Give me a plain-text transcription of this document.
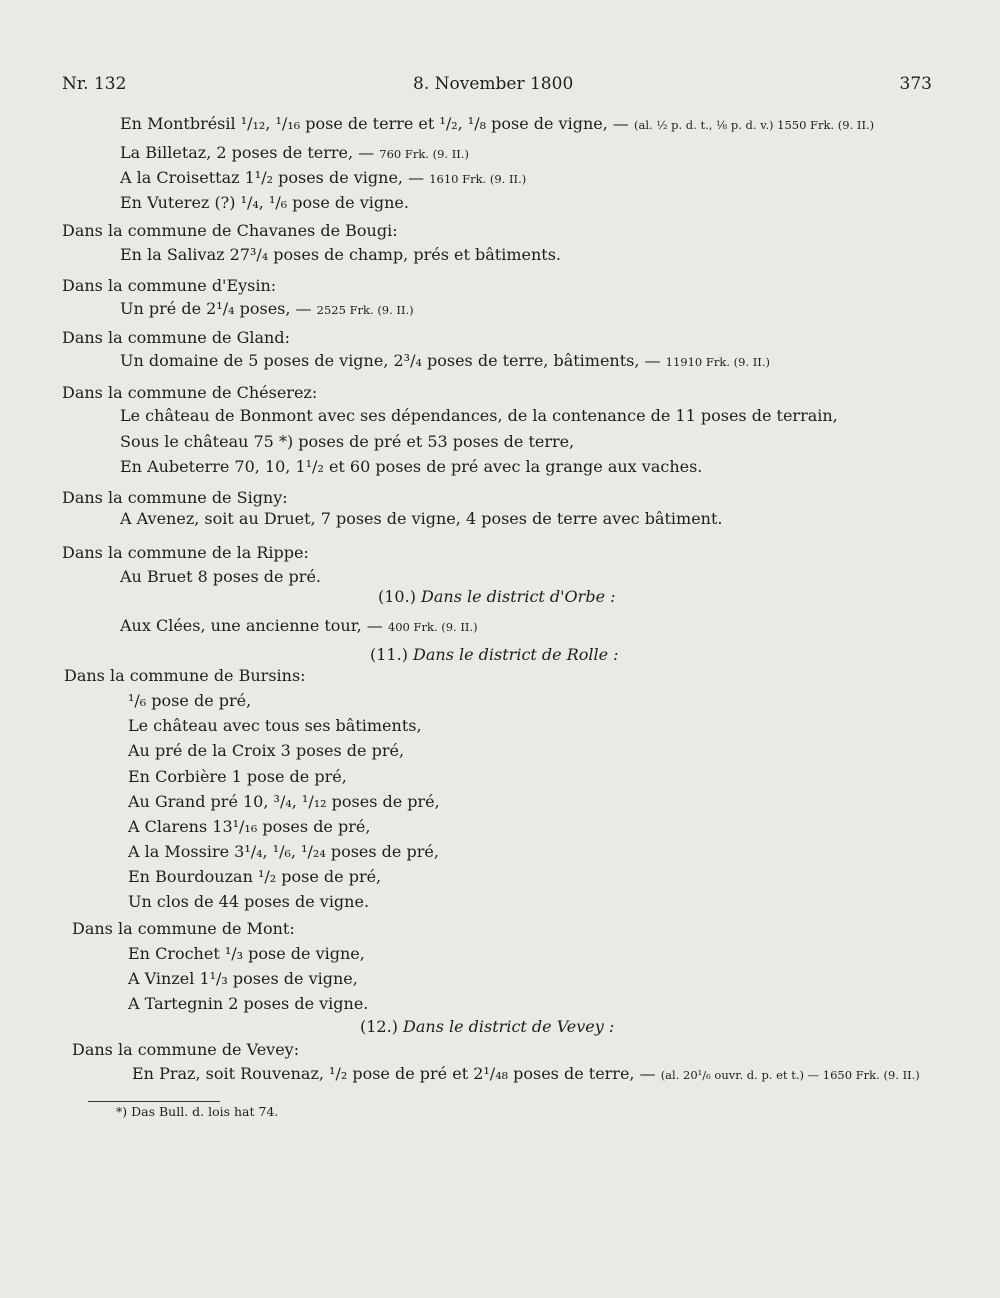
Nr. 132	8. November 1800	373
En Montbrésil ¹/₁₂, ¹/₁₆ pose de terre et ¹/₂, ¹/₈ pose de vigne, — (al. ½ p. d. t., ⅛ p. d. v.) 1550 Frk. (9. II.)
La Billetaz, 2 poses de terre, — 760 Frk. (9. II.)
A la Croisettaz 1¹/₂ poses de vigne, — 1610 Frk. (9. II.)
En Vuterez (?) ¹/₄, ¹/₆ pose de vigne.
Dans la commune de Chavanes de Bougi:
En la Salivaz 27³/₄ poses de champ, prés et bâtiments.
Dans la commune d'Eysin:
Un pré de 2¹/₄ poses, — 2525 Frk. (9. II.)
Dans la commune de Gland:
Un domaine de 5 poses de vigne, 2³/₄ poses de terre, bâtiments, — 11910 Frk. (9. II.)
Dans la commune de Chéserez:
Le château de Bonmont avec ses dépendances, de la contenance de 11 poses de terrain,
Sous le château 75 *) poses de pré et 53 poses de terre,
En Aubeterre 70, 10, 1¹/₂ et 60 poses de pré avec la grange aux vaches.
Dans la commune de Signy:
A Avenez, soit au Druet, 7 poses de vigne, 4 poses de terre avec bâtiment.
Dans la commune de la Rippe:
Au Bruet 8 poses de pré.
(10.) Dans le district d'Orbe :
Aux Clées, une ancienne tour, — 400 Frk. (9. II.)
(11.) Dans le district de Rolle :
Dans la commune de Bursins:
¹/₆ pose de pré,
Le château avec tous ses bâtiments,
Au pré de la Croix 3 poses de pré,
En Corbière 1 pose de pré,
Au Grand pré 10, ³/₄, ¹/₁₂ poses de pré,
A Clarens 13¹/₁₆ poses de pré,
A la Mossire 3¹/₄, ¹/₆, ¹/₂₄ poses de pré,
En Bourdouzan ¹/₂ pose de pré,
Un clos de 44 poses de vigne.
Dans la commune de Mont:
En Crochet ¹/₃ pose de vigne,
A Vinzel 1¹/₃ poses de vigne,
A Tartegnin 2 poses de vigne.
(12.) Dans le district de Vevey :
Dans la commune de Vevey:
En Praz, soit Rouvenaz, ¹/₂ pose de pré et 2¹/₄₈ poses de terre, — (al. 20¹/₆ ouvr. d. p. et t.) — 1650 Frk. (9. II.)
*) Das Bull. d. lois hat 74.
